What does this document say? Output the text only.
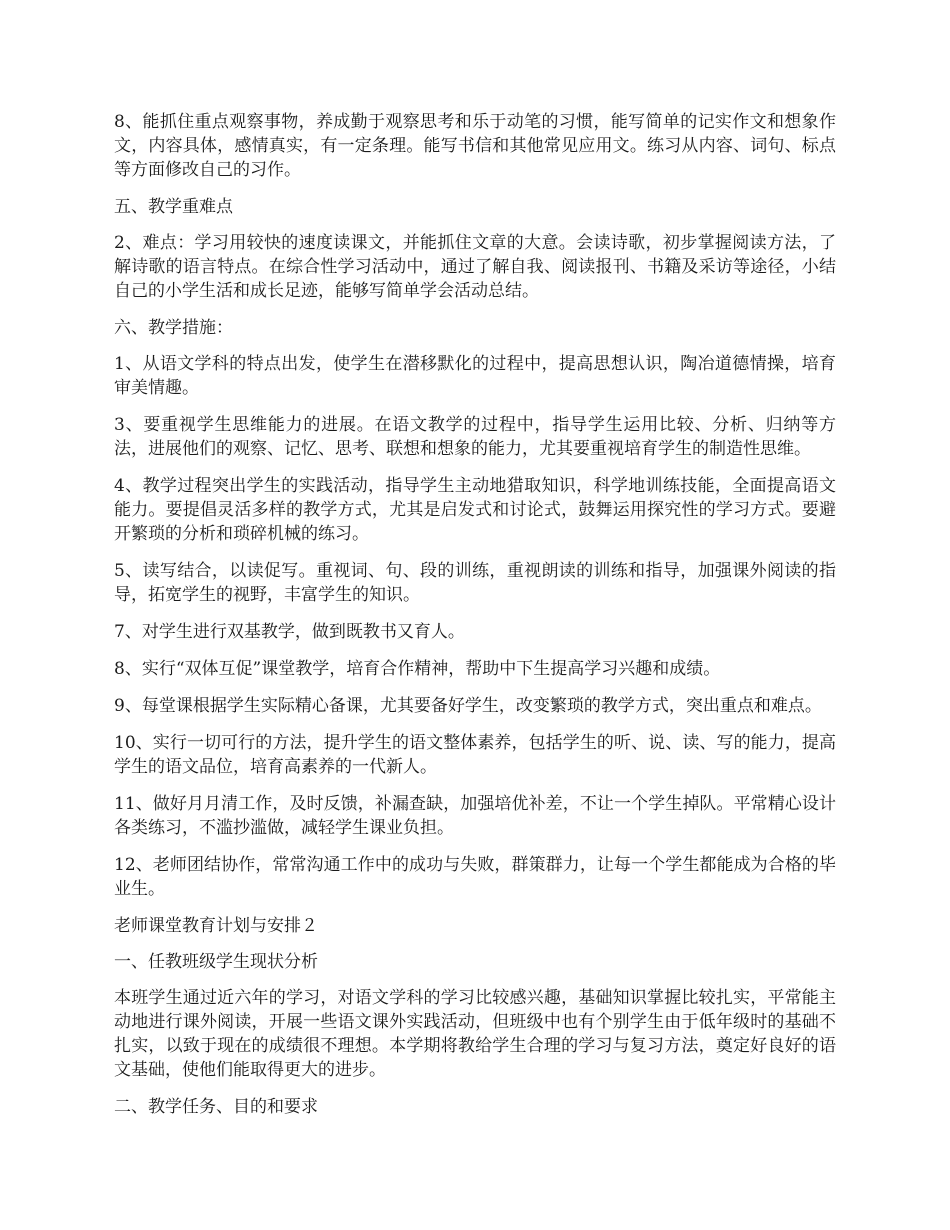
8、能抓住重点观察事物，养成勤于观察思考和乐于动笔的习惯，能写简单的记实作文和想象作文，内容具体，感情真实，有一定条理。能写书信和其他常见应用文。练习从内容、词句、标点等方面修改自己的习作。

五、教学重难点

2、难点：学习用较快的速度读课文，并能抓住文章的大意。会读诗歌，初步掌握阅读方法，了解诗歌的语言特点。在综合性学习活动中，通过了解自我、阅读报刊、书籍及采访等途径，小结自己的小学生活和成长足迹，能够写简单学会活动总结。

六、教学措施：

1、从语文学科的特点出发，使学生在潜移默化的过程中，提高思想认识，陶冶道德情操，培育审美情趣。

3、要重视学生思维能力的进展。在语文教学的过程中，指导学生运用比较、分析、归纳等方法，进展他们的观察、记忆、思考、联想和想象的能力，尤其要重视培育学生的制造性思维。

4、教学过程突出学生的实践活动，指导学生主动地猎取知识，科学地训练技能，全面提高语文能力。要提倡灵活多样的教学方式，尤其是启发式和讨论式，鼓舞运用探究性的学习方式。要避开繁琐的分析和琐碎机械的练习。

5、读写结合，以读促写。重视词、句、段的训练，重视朗读的训练和指导，加强课外阅读的指导，拓宽学生的视野，丰富学生的知识。

7、对学生进行双基教学，做到既教书又育人。

8、实行“双体互促”课堂教学，培育合作精神，帮助中下生提高学习兴趣和成绩。

9、每堂课根据学生实际精心备课，尤其要备好学生，改变繁琐的教学方式，突出重点和难点。

10、实行一切可行的方法，提升学生的语文整体素养，包括学生的听、说、读、写的能力，提高学生的语文品位，培育高素养的一代新人。

11、做好月月清工作，及时反馈，补漏查缺，加强培优补差，不让一个学生掉队。平常精心设计各类练习，不滥抄滥做，减轻学生课业负担。

12、老师团结协作，常常沟通工作中的成功与失败，群策群力，让每一个学生都能成为合格的毕业生。

老师课堂教育计划与安排２

一、任教班级学生现状分析

本班学生通过近六年的学习，对语文学科的学习比较感兴趣，基础知识掌握比较扎实，平常能主动地进行课外阅读，开展一些语文课外实践活动，但班级中也有个别学生由于低年级时的基础不扎实，以致于现在的成绩很不理想。本学期将教给学生合理的学习与复习方法，奠定好良好的语文基础，使他们能取得更大的进步。

二、教学任务、目的和要求
